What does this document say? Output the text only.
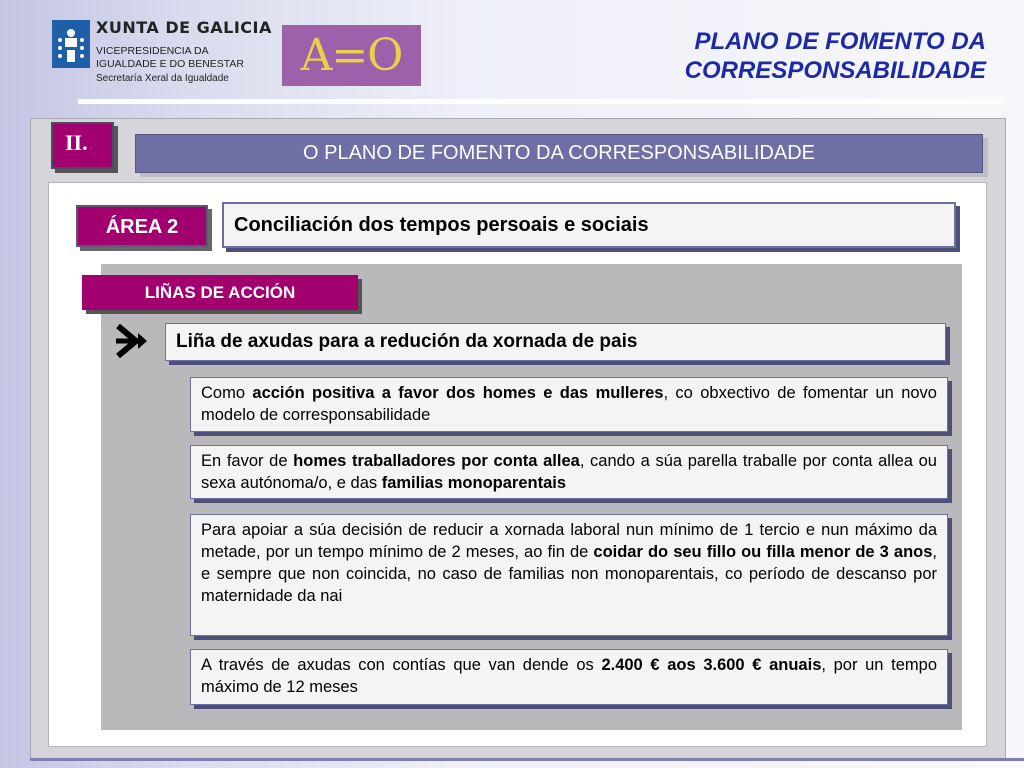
XUNTA DE GALICIA
VICEPRESIDENCIA DA
IGUALDADE E DO BENESTAR
Secretaría Xeral da Igualdade	A=O	PLANO DE FOMENTO DA
CORRESPONSABILIDADE
II.	O PLANO DE FOMENTO DA CORRESPONSABILIDADE
ÁREA 2	Conciliación dos tempos persoais e sociais
LIÑAS DE ACCIÓN
Liña de axudas para a redución da xornada de pais
Como acción positiva a favor dos homes e das mulleres, co obxectivo de fomentar un novo modelo de corresponsabilidade
En favor de homes traballadores por conta allea, cando a súa parella traballe por conta allea ou sexa autónoma/o, e das familias monoparentais
Para apoiar a súa decisión de reducir a xornada laboral nun mínimo de 1 tercio e nun máximo da metade, por un tempo mínimo de 2 meses, ao fin de coidar do seu fillo ou filla menor de 3 anos, e sempre que non coincida, no caso de familias non monoparentais, co período de descanso por maternidade da nai
A través de axudas con contías que van dende os 2.400 € aos 3.600 € anuais, por un tempo máximo de 12 meses
